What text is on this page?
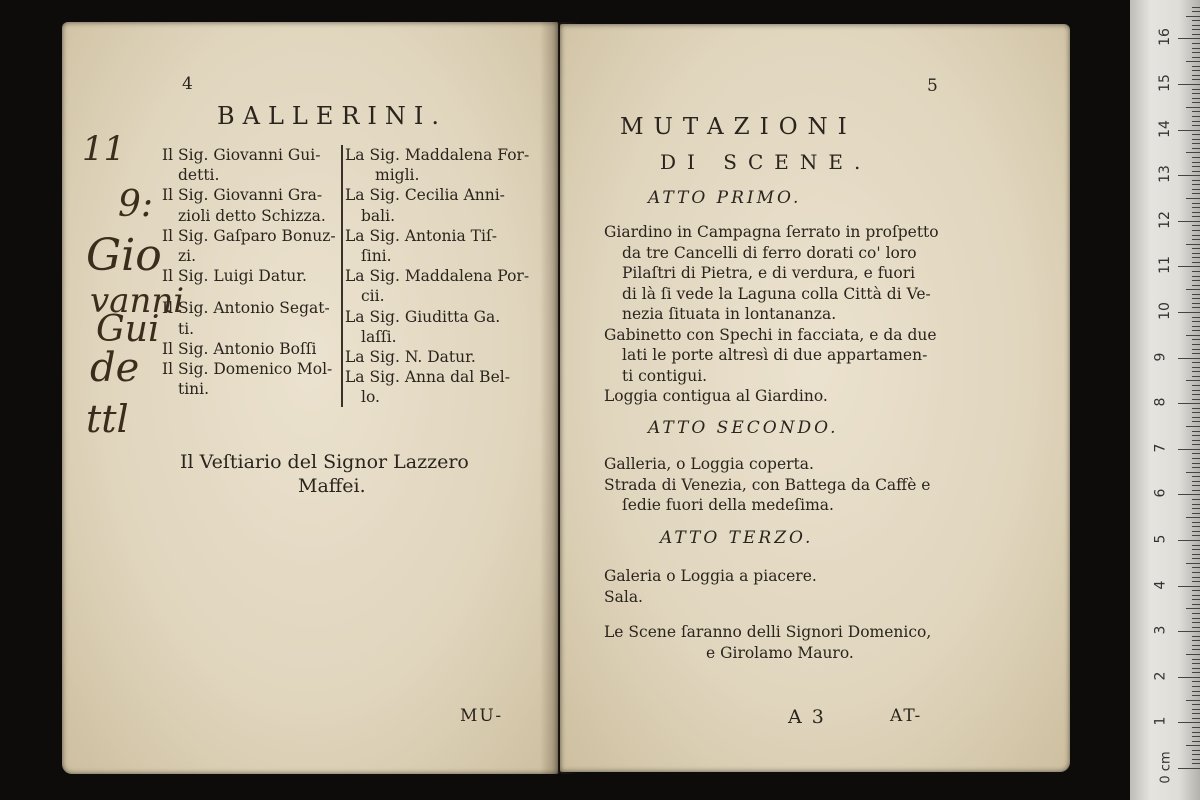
4
BALLERINI.
Il Sig. Giovanni Gui-
detti.
Il Sig. Giovanni Gra-
zioli detto Schizza.
Il Sig. Gaſparo Bonuz-
zi.
Il Sig. Luigi Datur.
Il Sig. Antonio Segat-
ti.
Il Sig. Antonio Boſſi
Il Sig. Domenico Mol-
tini.
La Sig. Maddalena For-
migli.
La Sig. Cecilia Anni-
bali.
La Sig. Antonia Tiſ-
ſini.
La Sig. Maddalena Por-
cii.
La Sig. Giuditta Ga.
laſſi.
La Sig. N. Datur.
La Sig. Anna dal Bel-
lo.
Il Veſtiario del Signor Lazzero
Maffei.
MU-
11
9:
Gio
vanni
Gui
de
ttl
5
MUTAZIONI
DI SCENE.
ATTO PRIMO.
Giardino in Campagna ſerrato in proſpetto
da tre Cancelli di ferro dorati co' loro
Pilaſtri di Pietra, e di verdura, e fuori
di là ſi vede la Laguna colla Città di Ve-
nezia ſituata in lontananza.
Gabinetto con Spechi in facciata, e da due
lati le porte altresì di due appartamen-
ti contigui.
Loggia contigua al Giardino.
ATTO SECONDO.
Galleria, o Loggia coperta.
Strada di Venezia, con Battega da Caffè e
ſedie fuori della medeſima.
ATTO TERZO.
Galeria o Loggia a piacere.
Sala.
Le Scene ſaranno delli Signori Domenico,
e Girolamo Mauro.
A 3	AT-
0 cm
1
2
3
4
5
6
7
8
9
10
11
12
13
14
15
16
